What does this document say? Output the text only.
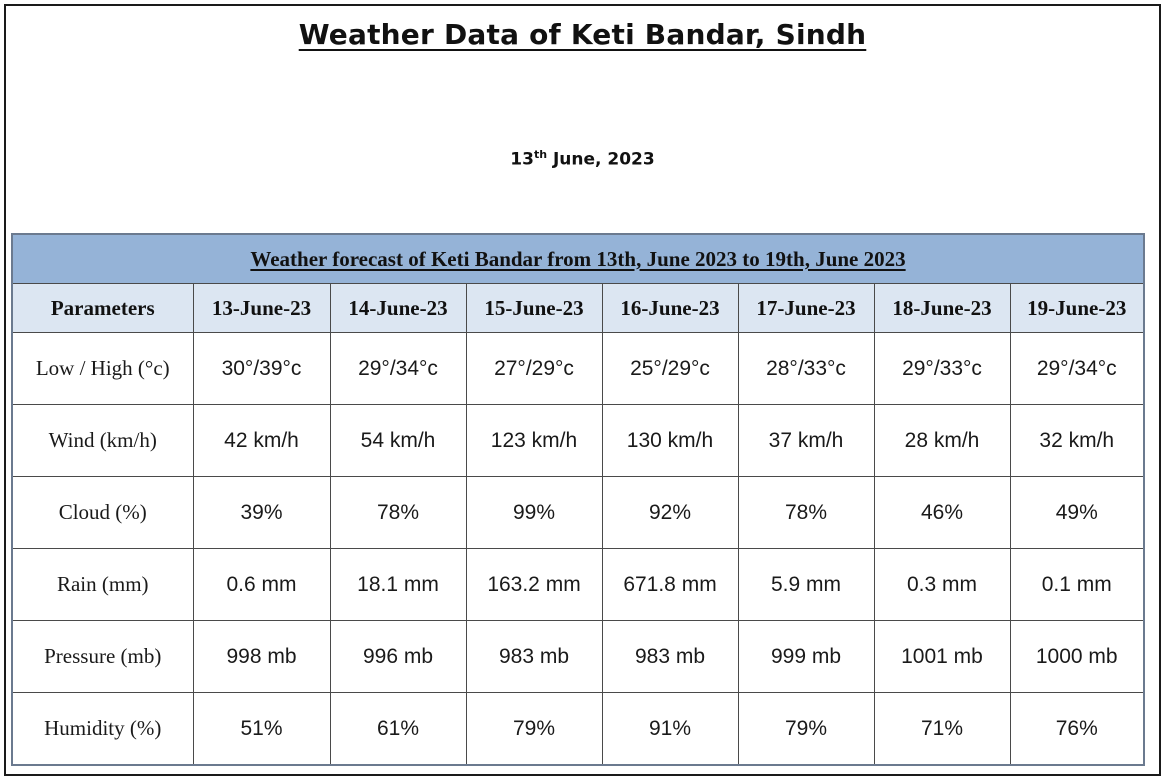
Weather Data of Keti Bandar, Sindh
13th June, 2023
Weather forecast of Keti Bandar from 13th, June 2023 to 19th, June 2023							
Parameters	13-June-23	14-June-23	15-June-23	16-June-23	17-June-23	18-June-23	19-June-23
Low / High (°c)	30°/39°c	29°/34°c	27°/29°c	25°/29°c	28°/33°c	29°/33°c	29°/34°c
Wind (km/h)	42 km/h	54 km/h	123 km/h	130 km/h	37 km/h	28 km/h	32 km/h
Cloud (%)	39%	78%	99%	92%	78%	46%	49%
Rain (mm)	0.6 mm	18.1 mm	163.2 mm	671.8 mm	5.9 mm	0.3 mm	0.1 mm
Pressure (mb)	998 mb	996 mb	983 mb	983 mb	999 mb	1001 mb	1000 mb
Humidity (%)	51%	61%	79%	91%	79%	71%	76%
